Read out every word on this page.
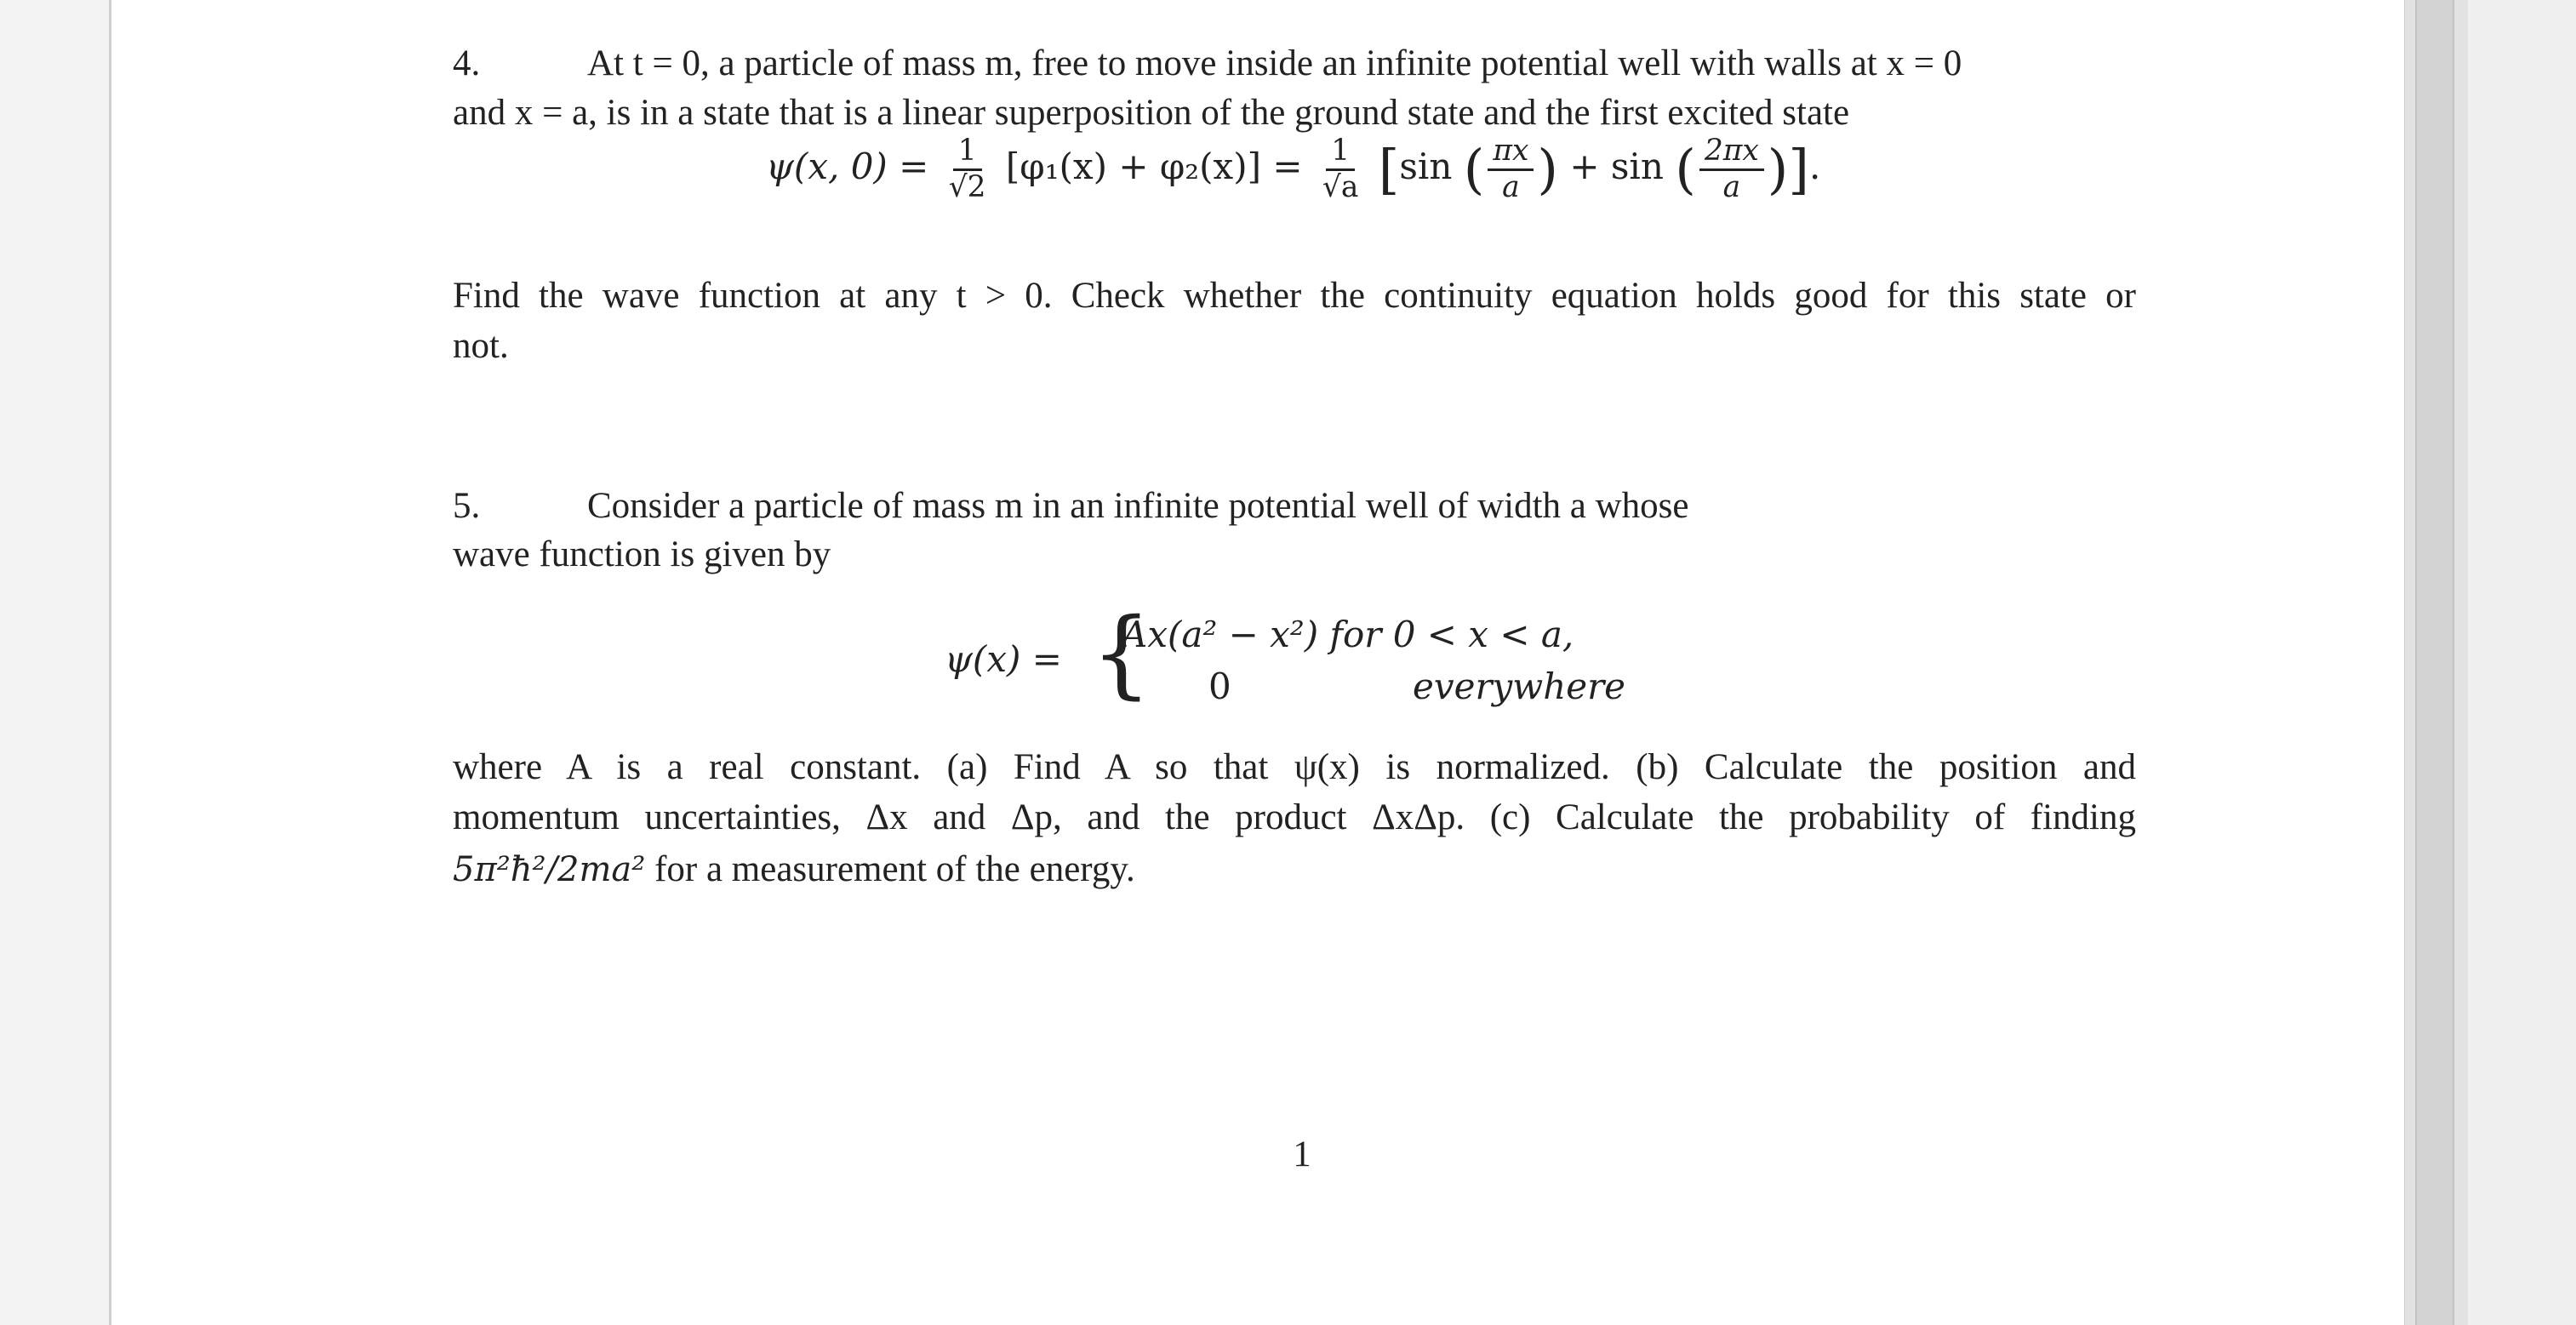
4.	At t = 0, a particle of mass m, free to move inside an infinite potential well with walls at x = 0
and x = a, is in a state that is a linear superposition of the ground state and the first excited state
ψ(x, $0) = \frac{1}{√2} [\varphi_1(x) + \varphi_2(x)] = \frac{1}{√a} [\sin$ ( $\frac{\pi x}{a}$ ) + sin ( $\frac{2\pi x}{a}$ )].
Find the wave function at any t > 0. Check whether the continuity equation holds good for this state or
not.
5.	Consider a particle of mass m in an infinite potential well of width a whose
wave function is given by
ψ(x) = {
Ax(a² − x²) for 0 < x < a,
0	everywhere
where A is a real constant. (a) Find A so that ψ(x) is normalized. (b) Calculate the position and
momentum uncertainties, Δx and Δp, and the product ΔxΔp. (c) Calculate the probability of finding
5π²ħ²/2ma² for a measurement of the energy.
1
